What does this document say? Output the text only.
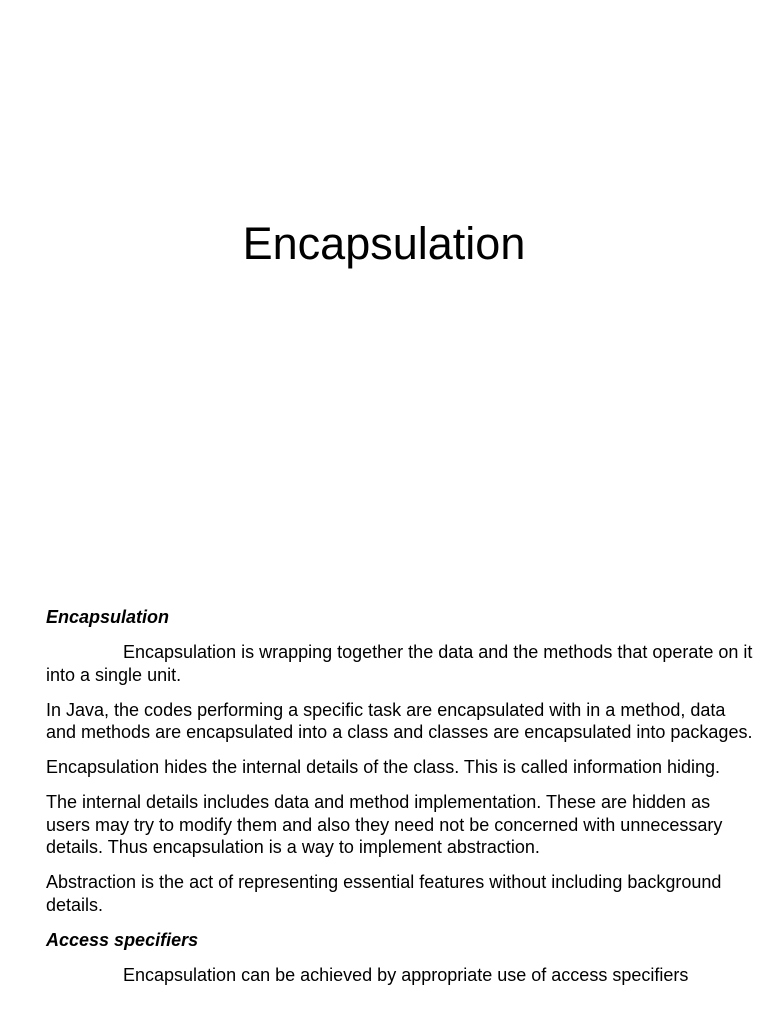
Encapsulation

Encapsulation

Encapsulation is wrapping together the data and the methods that operate on it into a single unit.

In Java, the codes performing a specific task are encapsulated with in a method, data and methods are encapsulated into a class and classes are encapsulated into packages.

Encapsulation hides the internal details of the class. This is called information hiding.

The internal details includes data and method implementation. These are hidden as users may try to modify them and also they need not be concerned with unnecessary details. Thus encapsulation is a way to implement abstraction.

Abstraction is the act of representing essential features without including background details.

Access specifiers

Encapsulation can be achieved by appropriate use of access specifiers
